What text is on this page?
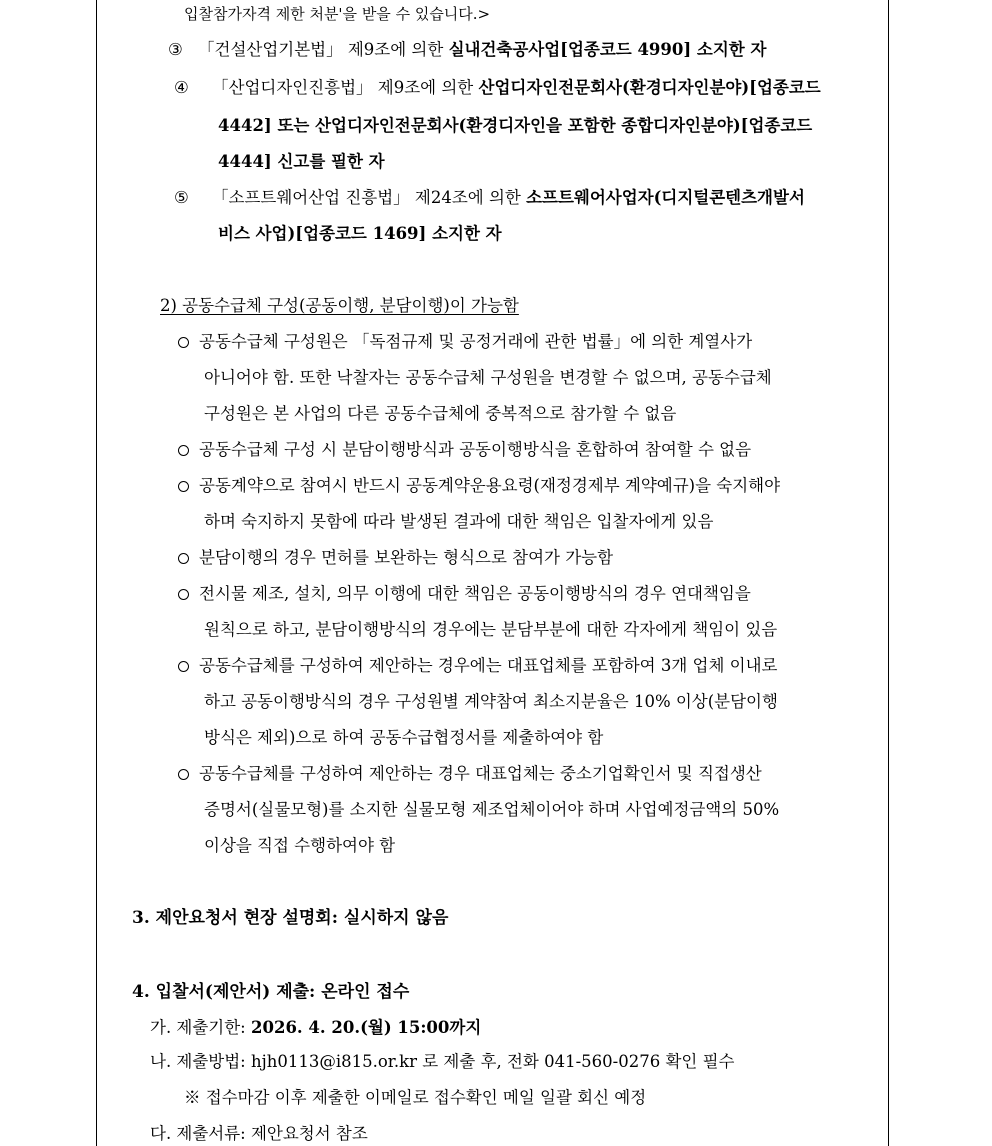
입찰참가자격 제한 처분'을 받을 수 있습니다.>
③ 「건설산업기본법」 제9조에 의한 실내건축공사업[업종코드 4990] 소지한 자
④ 「산업디자인진흥법」 제9조에 의한 산업디자인전문회사(환경디자인분야)[업종코드
4442] 또는 산업디자인전문회사(환경디자인을 포함한 종합디자인분야)[업종코드
4444] 신고를 필한 자
⑤ 「소프트웨어산업 진흥법」 제24조에 의한 소프트웨어사업자(디지털콘텐츠개발서
비스 사업)[업종코드 1469] 소지한 자
2) 공동수급체 구성(공동이행, 분담이행)이 가능함
공동수급체 구성원은 「독점규제 및 공정거래에 관한 법률」에 의한 계열사가
아니어야 함. 또한 낙찰자는 공동수급체 구성원을 변경할 수 없으며, 공동수급체
구성원은 본 사업의 다른 공동수급체에 중복적으로 참가할 수 없음
공동수급체 구성 시 분담이행방식과 공동이행방식을 혼합하여 참여할 수 없음
공동계약으로 참여시 반드시 공동계약운용요령(재정경제부 계약예규)을 숙지해야
하며 숙지하지 못함에 따라 발생된 결과에 대한 책임은 입찰자에게 있음
분담이행의 경우 면허를 보완하는 형식으로 참여가 가능함
전시물 제조, 설치, 의무 이행에 대한 책임은 공동이행방식의 경우 연대책임을
원칙으로 하고, 분담이행방식의 경우에는 분담부분에 대한 각자에게 책임이 있음
공동수급체를 구성하여 제안하는 경우에는 대표업체를 포함하여 3개 업체 이내로
하고 공동이행방식의 경우 구성원별 계약참여 최소지분율은 10% 이상(분담이행
방식은 제외)으로 하여 공동수급협정서를 제출하여야 함
공동수급체를 구성하여 제안하는 경우 대표업체는 중소기업확인서 및 직접생산
증명서(실물모형)를 소지한 실물모형 제조업체이어야 하며 사업예정금액의 50%
이상을 직접 수행하여야 함
3. 제안요청서 현장 설명회: 실시하지 않음
4. 입찰서(제안서) 제출: 온라인 접수
가. 제출기한: 2026. 4. 20.(월) 15:00까지
나. 제출방법: hjh0113@i815.or.kr 로 제출 후, 전화 041-560-0276 확인 필수
※ 접수마감 이후 제출한 이메일로 접수확인 메일 일괄 회신 예정
다. 제출서류: 제안요청서 참조
